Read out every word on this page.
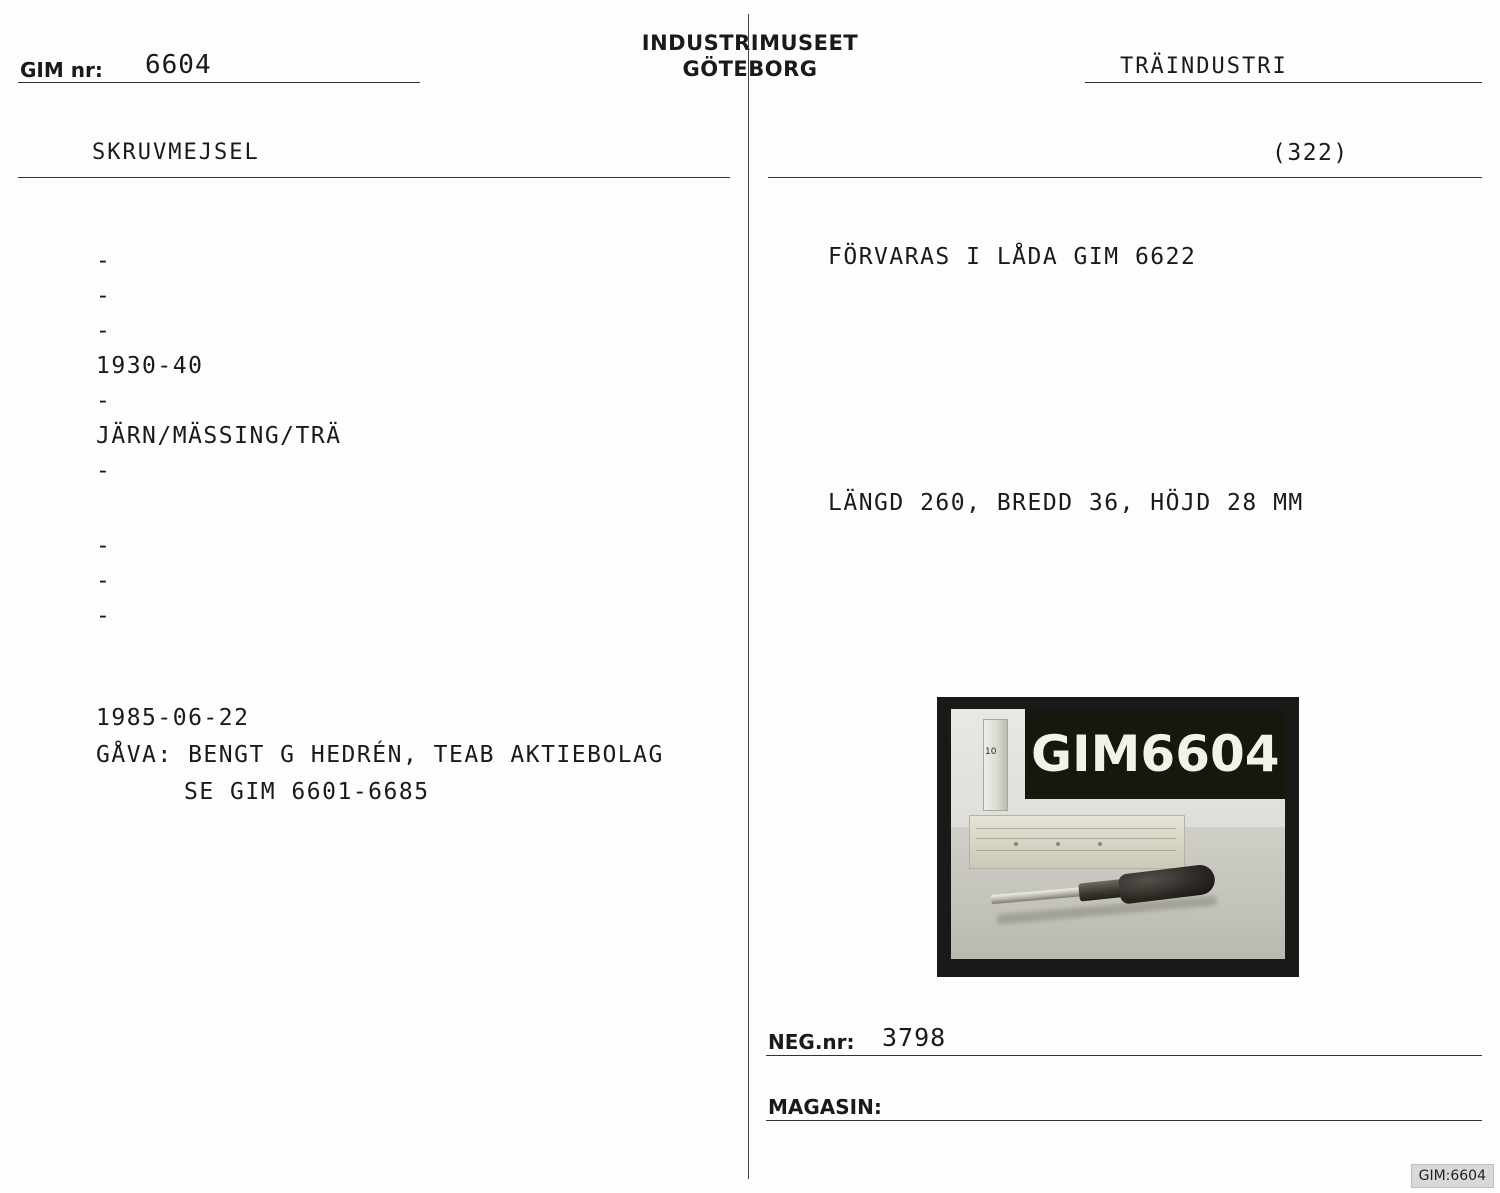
INDUSTRIMUSEET
GÖTEBORG
GIM nr: 6604	TRÄINDUSTRI
SKRUVMEJSEL
-
-
-
1930-40
-
JÄRN/MÄSSING/TRÄ
-
-
-
-
1985-06-22
GÅVA: BENGT G HEDRÉN, TEAB AKTIEBOLAG
SE GIM 6601-6685
(322)
FÖRVARAS I LÅDA GIM 6622
LÄNGD 260, BREDD 36, HÖJD 28 MM
GIM6604
10
NEG.nr: 3798
MAGASIN:
GIM:6604
